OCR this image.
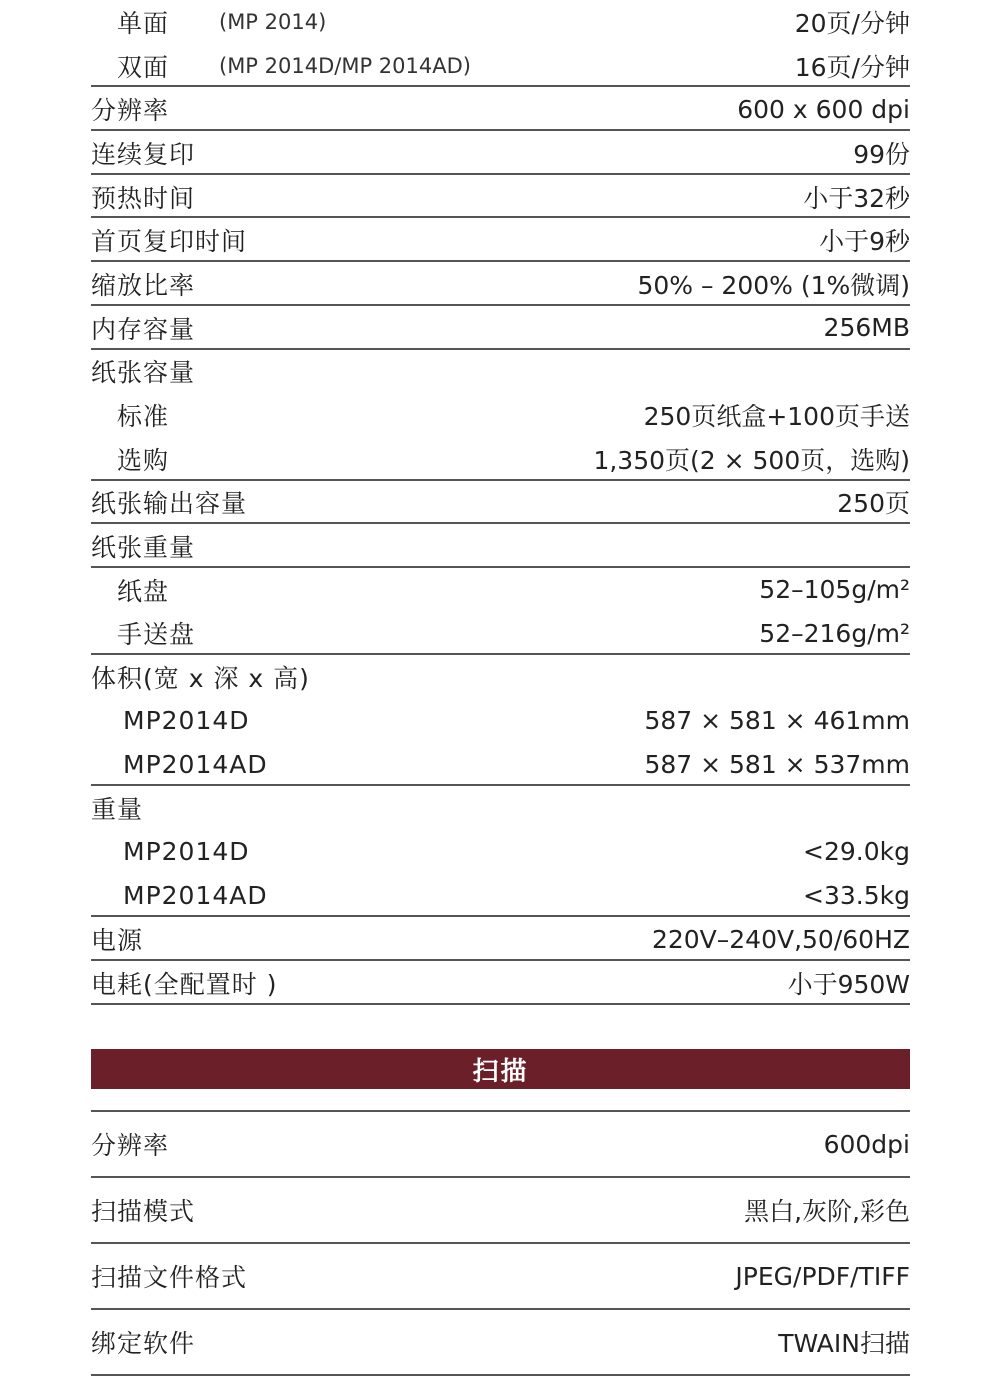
单面 (MP 2014)	20页/分钟
双面 (MP 2014D/MP 2014AD)	16页/分钟
分辨率	600 x 600 dpi
连续复印	99份
预热时间	小于32秒
首页复印时间	小于9秒
缩放比率	50% – 200% (1%微调)
内存容量	256MB
纸张容量
标准	250页纸盒+100页手送
选购	1,350页(2 × 500页，选购)
纸张输出容量	250页
纸张重量
纸盘	52–105g/m²
手送盘	52–216g/m²
体积(宽 x 深 x 高)
MP2014D	587 × 581 × 461mm
MP2014AD	587 × 581 × 537mm
重量
MP2014D	<29.0kg
MP2014AD	<33.5kg
电源	220V–240V,50/60HZ
电耗(全配置时 )	小于950W
扫描
分辨率	600dpi
扫描模式	黑白,灰阶,彩色
扫描文件格式	JPEG/PDF/TIFF
绑定软件	TWAIN扫描
